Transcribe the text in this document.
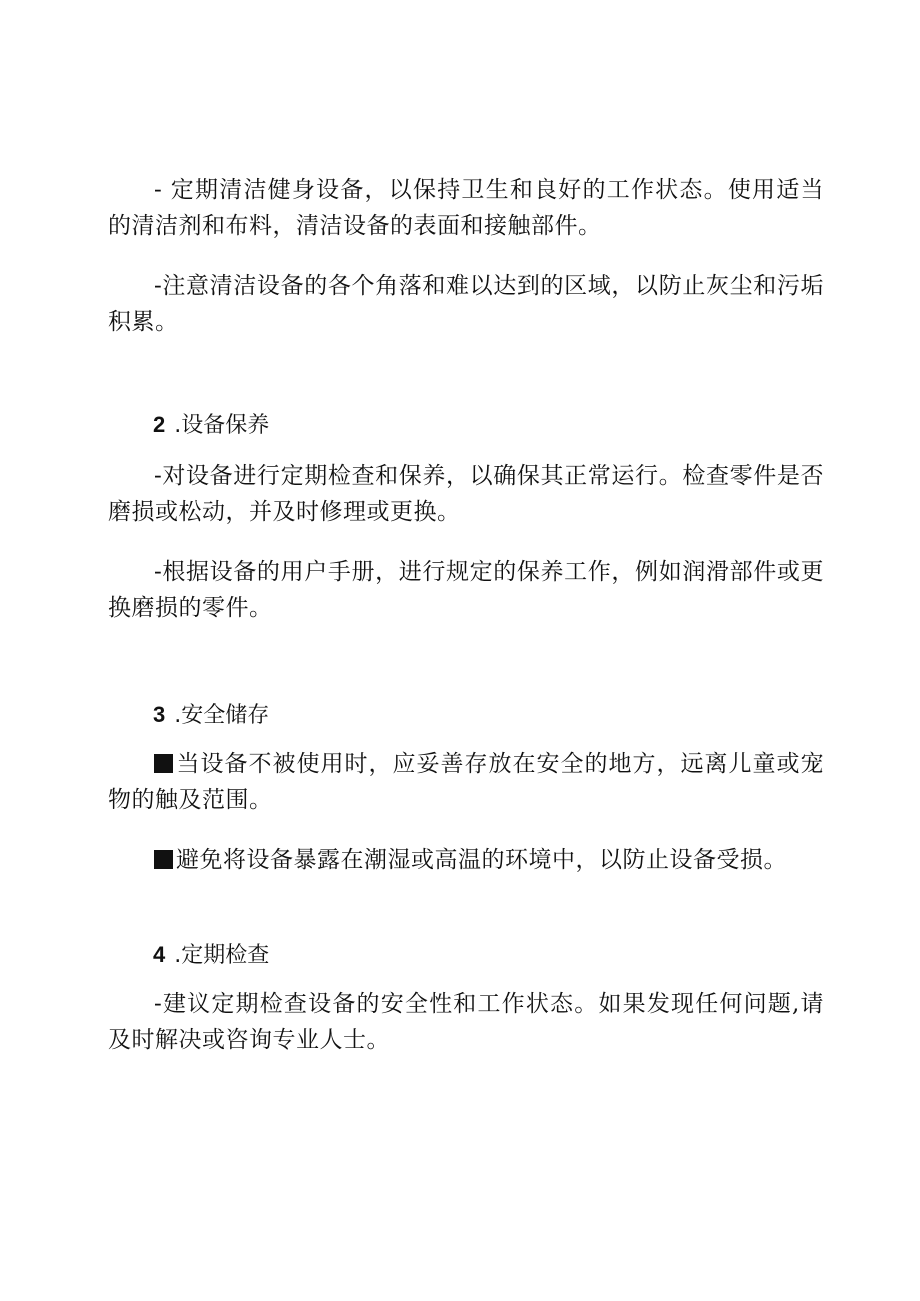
- 定期清洁健身设备，以保持卫生和良好的工作状态。使用适当的清洁剂和布料，清洁设备的表面和接触部件。

-注意清洁设备的各个角落和难以达到的区域，以防止灰尘和污垢积累。

2 .设备保养

-对设备进行定期检查和保养，以确保其正常运行。检查零件是否磨损或松动，并及时修理或更换。

-根据设备的用户手册，进行规定的保养工作，例如润滑部件或更换磨损的零件。

3 .安全储存

当设备不被使用时，应妥善存放在安全的地方，远离儿童或宠物的触及范围。

避免将设备暴露在潮湿或高温的环境中，以防止设备受损。

4 .定期检查

-建议定期检查设备的安全性和工作状态。如果发现任何问题,请及时解决或咨询专业人士。
